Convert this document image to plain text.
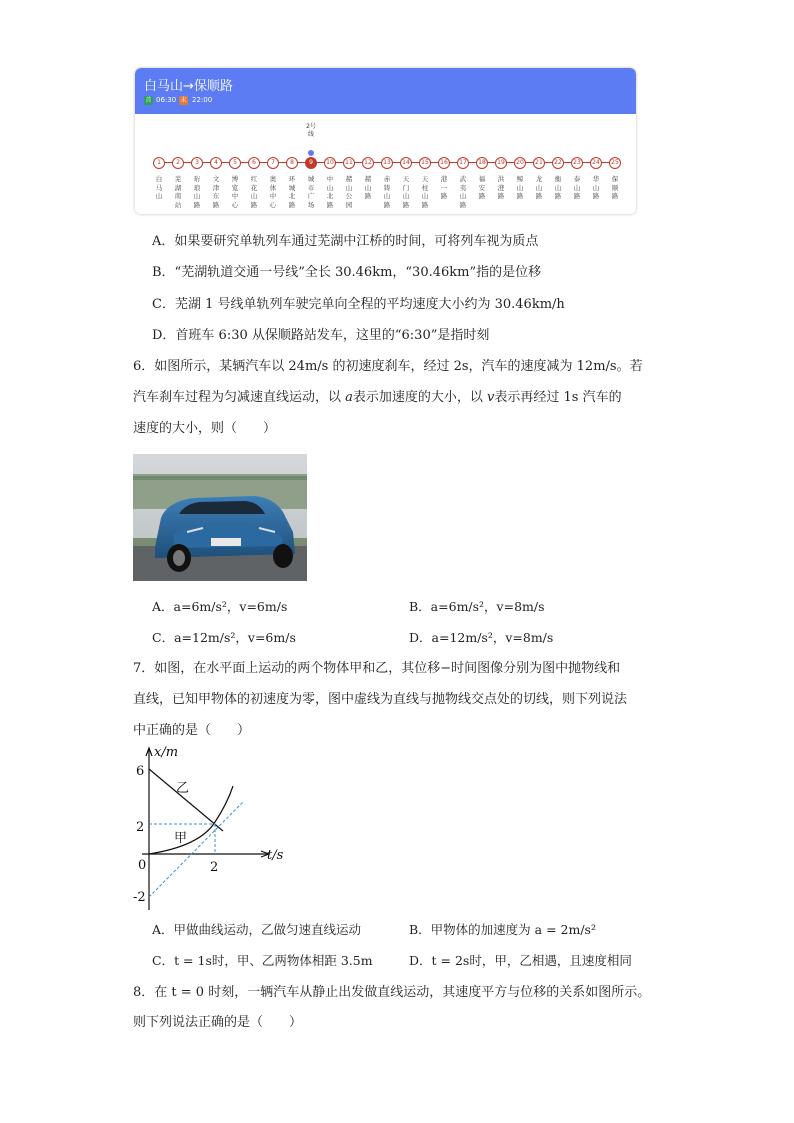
白马山→保顺路
首 06:30 末 22:00
2号线
1
白马山
2
芜湖南站
3
珩琅山路
4
文津东路
5
博览中心
6
红花山路
7
奥体中心
8
环城北路
9
城市广场
10
中山北路
11
赭山公园
12
赭山路
13
赤铸山路
14
天门山路
15
天柱山路
16
港一路
17
武夷山路
18
福安路
19
洪澄路
20
鲸山路
21
龙山路
22
衡山路
23
泰山路
24
华山路
25
保顺路
A．如果要研究单轨列车通过芜湖中江桥的时间，可将列车视为质点
B．“芜湖轨道交通一号线”全长 30.46km，“30.46km”指的是位移
C．芜湖 1 号线单轨列车驶完单向全程的平均速度大小约为 30.46km/h
D．首班车 6:30 从保顺路站发车，这里的“6:30”是指时刻
6．如图所示，某辆汽车以 24m/s 的初速度刹车，经过 2s，汽车的速度减为 12m/s。若
汽车刹车过程为匀减速直线运动，以 a表示加速度的大小，以 v表示再经过 1s 汽车的
速度的大小，则（　　）
A．a=6m/s²，v=6m/s	B．a=6m/s²，v=8m/s
C．a=12m/s²，v=6m/s	D．a=12m/s²，v=8m/s
7．如图，在水平面上运动的两个物体甲和乙，其位移−时间图像分别为图中抛物线和
直线，已知甲物体的初速度为零，图中虚线为直线与抛物线交点处的切线，则下列说法
中正确的是（　　）
x/m
t/s
6
2
0
-2
2
乙
甲
A．甲做曲线运动，乙做匀速直线运动	B．甲物体的加速度为 a = 2m/s²
C．t = 1s时，甲、乙两物体相距 3.5m	D．t = 2s时，甲，乙相遇，且速度相同
8．在 t = 0 时刻，一辆汽车从静止出发做直线运动，其速度平方与位移的关系如图所示。
则下列说法正确的是（　　）
